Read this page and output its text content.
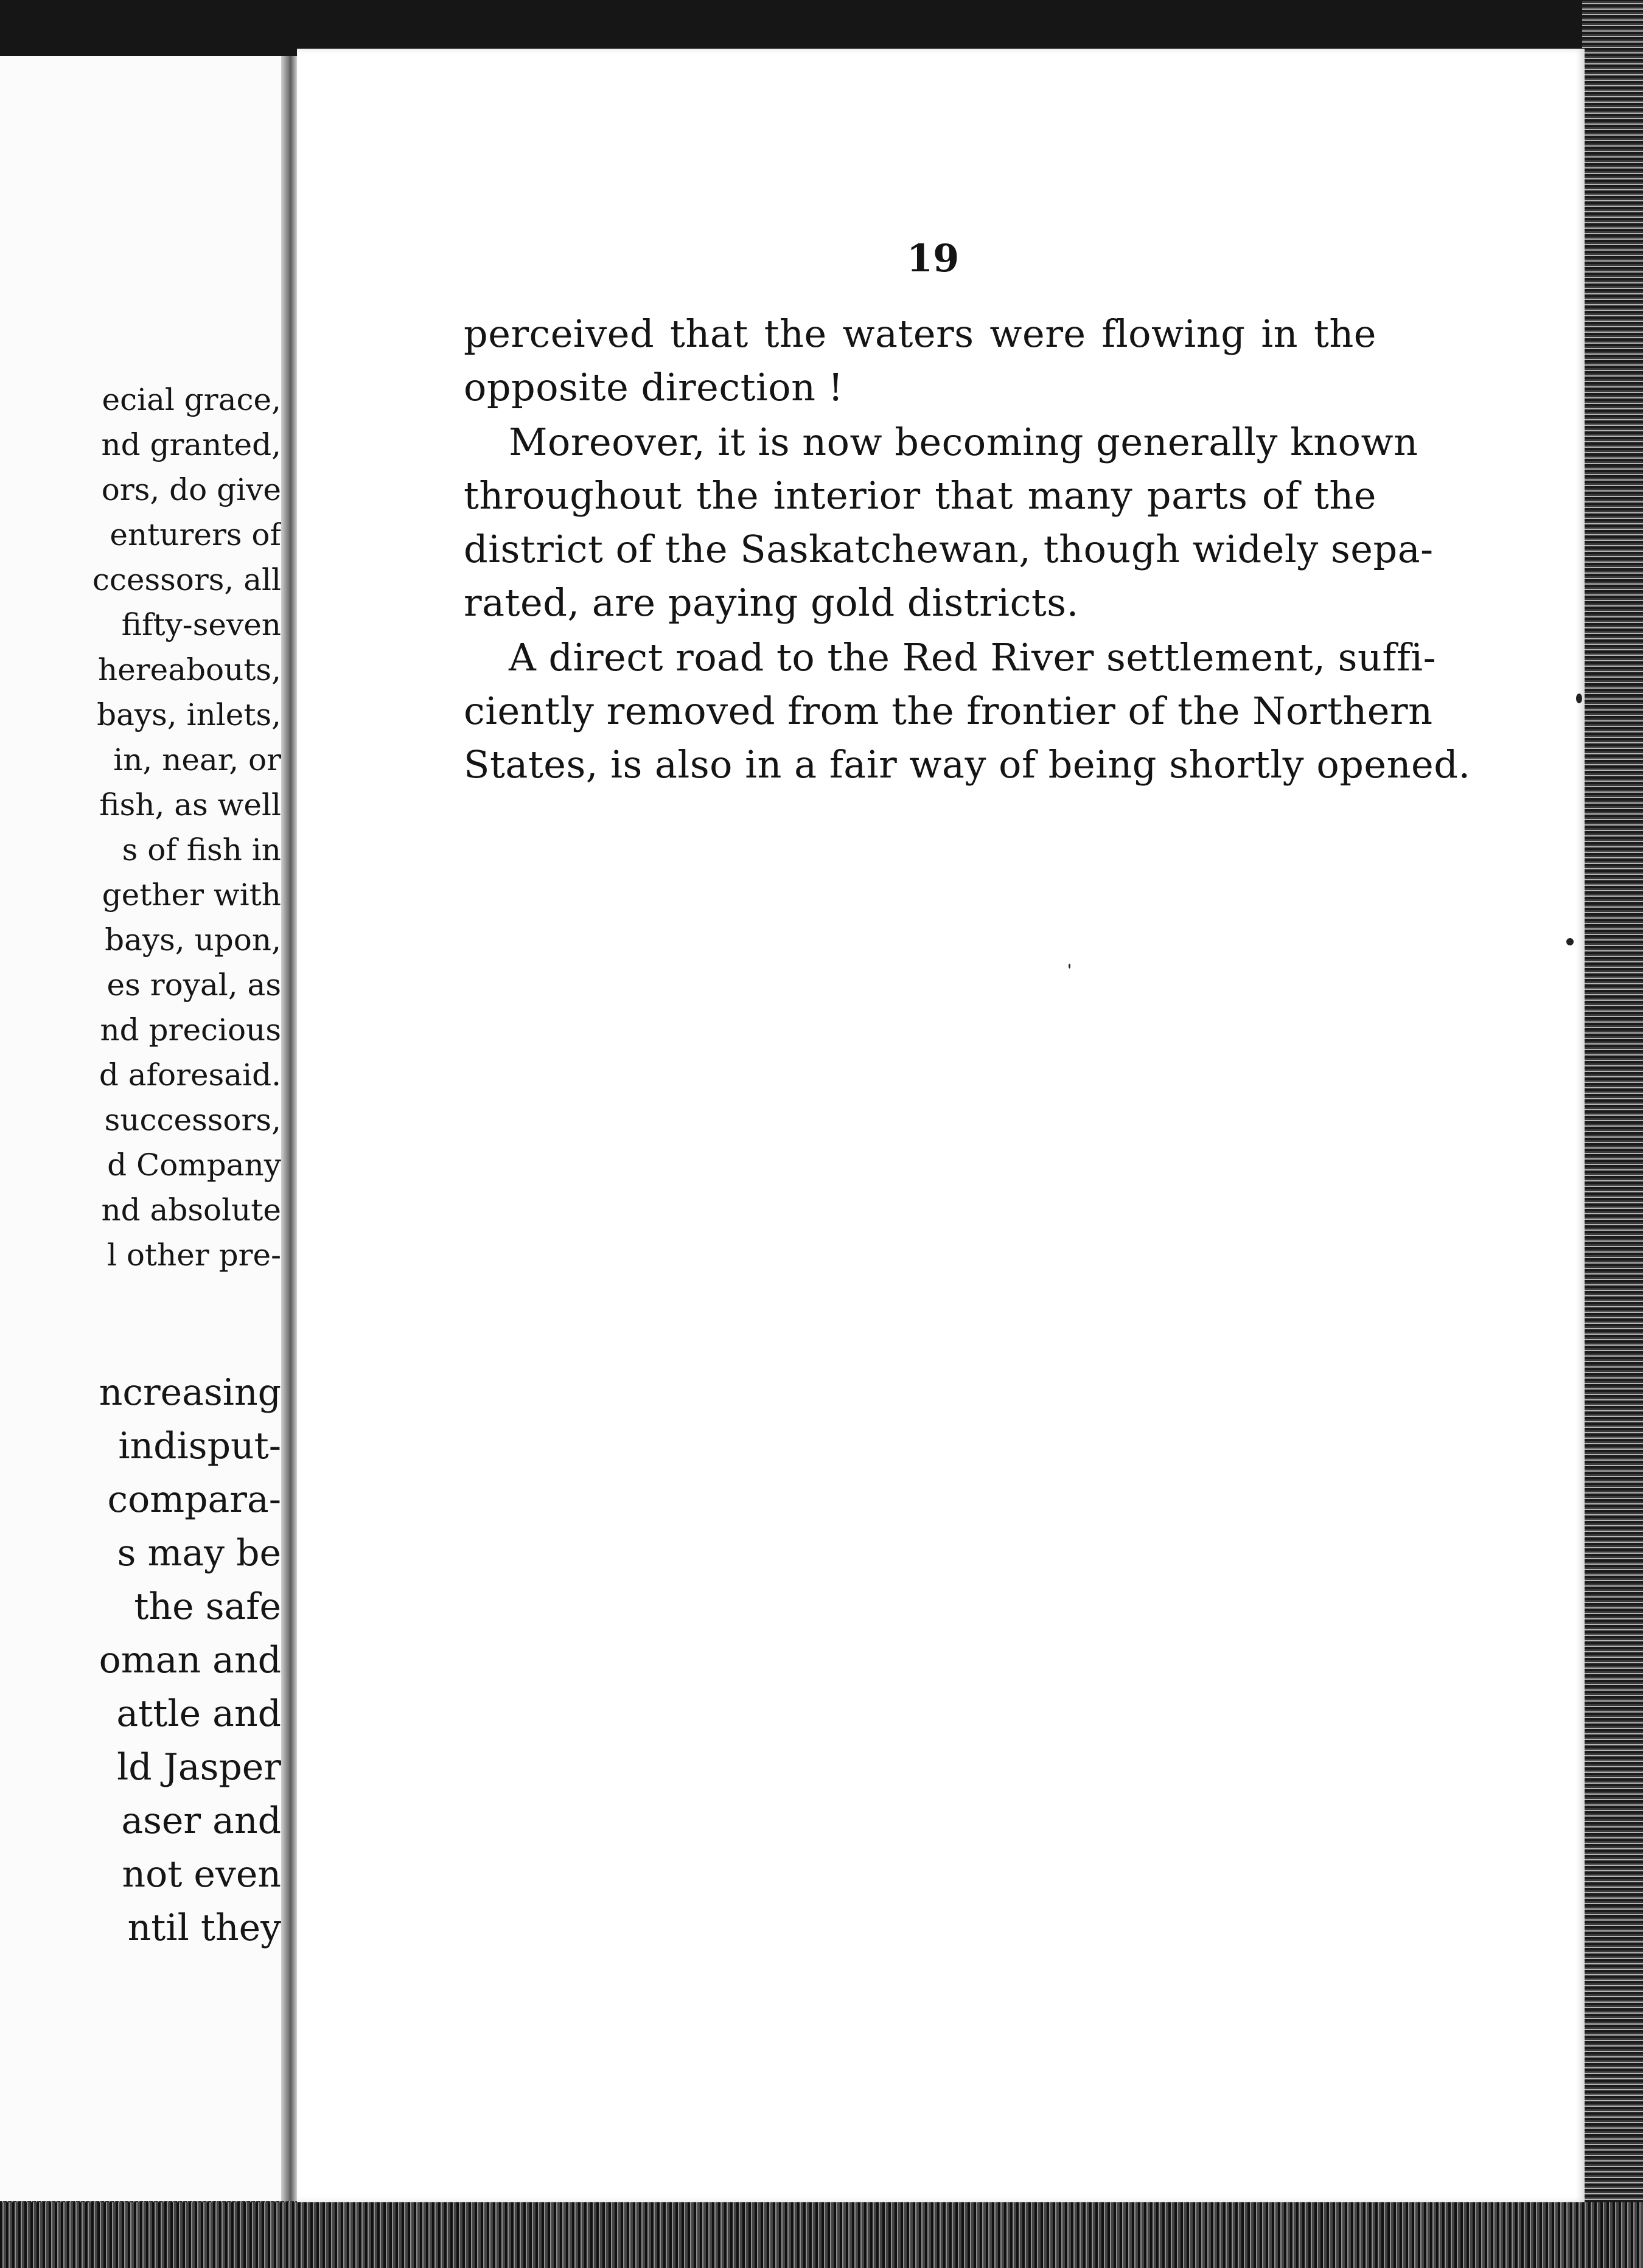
ecial grace,
nd granted,
ors, do give
enturers of
ccessors, all
fifty-seven
hereabouts,
bays, inlets,
in, near, or
fish, as well
s of fish in
gether with
bays, upon,
es royal, as
nd precious
d aforesaid.
successors,
d Company
nd absolute
l other pre-
ncreasing
indisput-
compara-
s may be
the safe
oman and
attle and
ld Jasper
aser and
not even
ntil they
19
perceived that the waters were flowing in the
opposite direction !
Moreover, it is now becoming generally known
throughout the interior that many parts of the
district of the Saskatchewan, though widely sepa-
rated, are paying gold districts.
A direct road to the Red River settlement, suffi-
ciently removed from the frontier of the Northern
States, is also in a fair way of being shortly opened.
